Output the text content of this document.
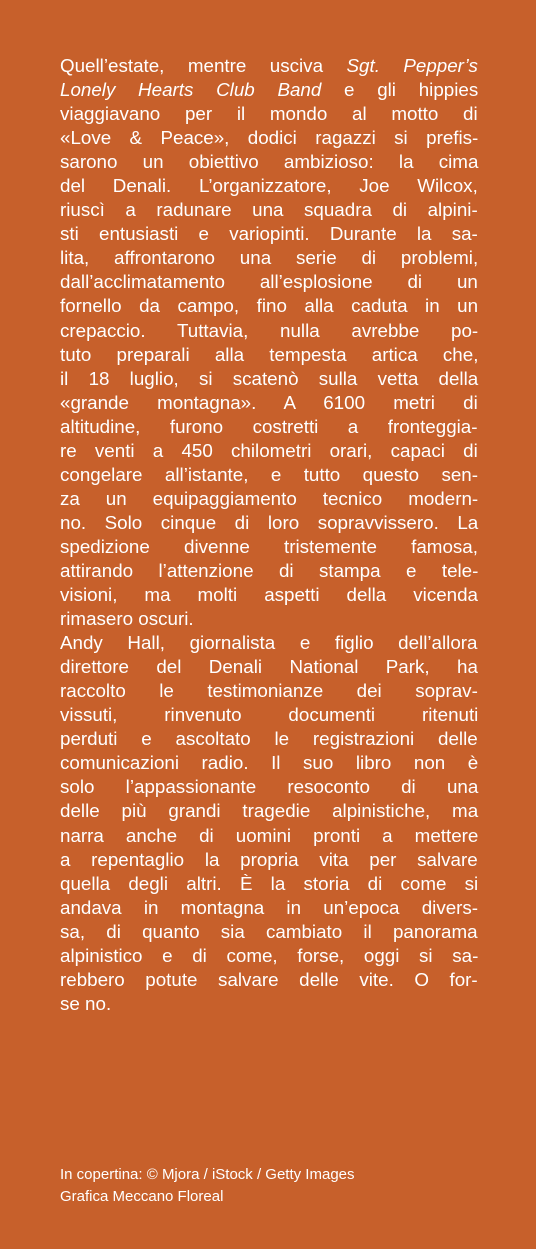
Quell’estate, mentre usciva Sgt. Pepper’s
Lonely Hearts Club Band e gli hippies
viaggiavano per il mondo al motto di
«Love & Peace», dodici ragazzi si prefis-
sarono un obiettivo ambizioso: la cima
del Denali. L’organizzatore, Joe Wilcox,
riuscì a radunare una squadra di alpini-
sti entusiasti e variopinti. Durante la sa-
lita, affrontarono una serie di problemi,
dall’acclimatamento all’esplosione di un
fornello da campo, fino alla caduta in un
crepaccio. Tuttavia, nulla avrebbe po-
tuto preparali alla tempesta artica che,
il 18 luglio, si scatenò sulla vetta della
«grande montagna». A 6100 metri di
altitudine, furono costretti a fronteggia-
re venti a 450 chilometri orari, capaci di
congelare all’istante, e tutto questo sen-
za un equipaggiamento tecnico modern-
no. Solo cinque di loro sopravvissero. La
spedizione divenne tristemente famosa,
attirando l’attenzione di stampa e tele-
visioni, ma molti aspetti della vicenda
rimasero oscuri.
Andy Hall, giornalista e figlio dell’allora
direttore del Denali National Park, ha
raccolto le testimonianze dei soprav-
vissuti, rinvenuto documenti ritenuti
perduti e ascoltato le registrazioni delle
comunicazioni radio. Il suo libro non è
solo l’appassionante resoconto di una
delle più grandi tragedie alpinistiche, ma
narra anche di uomini pronti a mettere
a repentaglio la propria vita per salvare
quella degli altri. È la storia di come si
andava in montagna in un’epoca divers-
sa, di quanto sia cambiato il panorama
alpinistico e di come, forse, oggi si sa-
rebbero potute salvare delle vite. O for-
se no.
In copertina: © Mjora / iStock / Getty Images
Grafica Meccano Floreal
